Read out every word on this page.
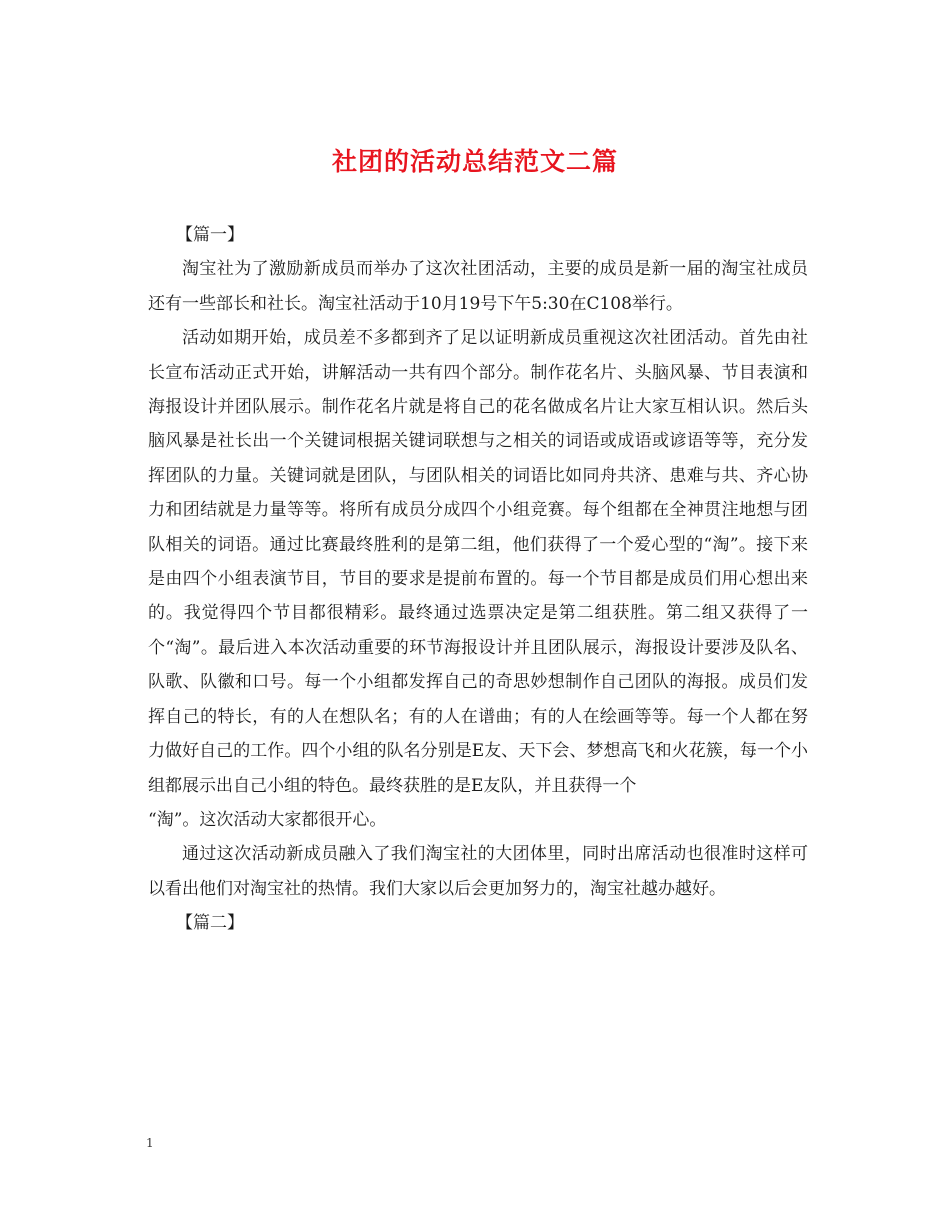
社团的活动总结范文二篇

【篇一】

淘宝社为了激励新成员而举办了这次社团活动，主要的成员是新一届的淘宝社成员还有一些部长和社长。淘宝社活动于10月19号下午5:30在C108举行。

活动如期开始，成员差不多都到齐了足以证明新成员重视这次社团活动。首先由社长宣布活动正式开始，讲解活动一共有四个部分。制作花名片、头脑风暴、节目表演和海报设计并团队展示。制作花名片就是将自己的花名做成名片让大家互相认识。然后头脑风暴是社长出一个关键词根据关键词联想与之相关的词语或成语或谚语等等，充分发挥团队的力量。关键词就是团队，与团队相关的词语比如同舟共济、患难与共、齐心协力和团结就是力量等等。将所有成员分成四个小组竞赛。每个组都在全神贯注地想与团队相关的词语。通过比赛最终胜利的是第二组，他们获得了一个爱心型的“淘”。接下来是由四个小组表演节目，节目的要求是提前布置的。每一个节目都是成员们用心想出来的。我觉得四个节目都很精彩。最终通过选票决定是第二组获胜。第二组又获得了一个“淘”。最后进入本次活动重要的环节海报设计并且团队展示，海报设计要涉及队名、队歌、队徽和口号。每一个小组都发挥自己的奇思妙想制作自己团队的海报。成员们发挥自己的特长，有的人在想队名；有的人在谱曲；有的人在绘画等等。每一个人都在努力做好自己的工作。四个小组的队名分别是E友、天下会、梦想高飞和火花簇，每一个小组都展示出自己小组的特色。最终获胜的是E友队，并且获得一个

“淘”。这次活动大家都很开心。

通过这次活动新成员融入了我们淘宝社的大团体里，同时出席活动也很准时这样可以看出他们对淘宝社的热情。我们大家以后会更加努力的，淘宝社越办越好。

【篇二】

1
